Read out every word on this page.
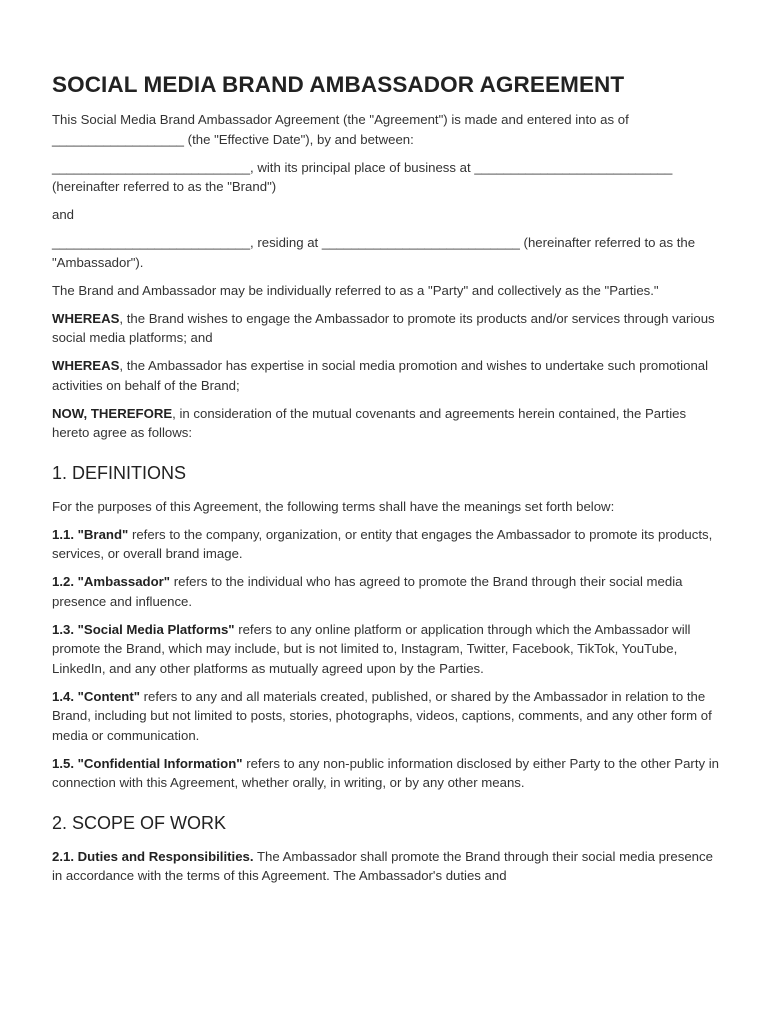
SOCIAL MEDIA BRAND AMBASSADOR AGREEMENT

This Social Media Brand Ambassador Agreement (the "Agreement") is made and entered into as of __________________ (the "Effective Date"), by and between:

___________________________, with its principal place of business at ___________________________ (hereinafter referred to as the "Brand")

and

___________________________, residing at ___________________________ (hereinafter referred to as the "Ambassador").

The Brand and Ambassador may be individually referred to as a "Party" and collectively as the "Parties."

WHEREAS, the Brand wishes to engage the Ambassador to promote its products and/or services through various social media platforms; and

WHEREAS, the Ambassador has expertise in social media promotion and wishes to undertake such promotional activities on behalf of the Brand;

NOW, THEREFORE, in consideration of the mutual covenants and agreements herein contained, the Parties hereto agree as follows:

1. DEFINITIONS

For the purposes of this Agreement, the following terms shall have the meanings set forth below:

1.1. "Brand" refers to the company, organization, or entity that engages the Ambassador to promote its products, services, or overall brand image.

1.2. "Ambassador" refers to the individual who has agreed to promote the Brand through their social media presence and influence.

1.3. "Social Media Platforms" refers to any online platform or application through which the Ambassador will promote the Brand, which may include, but is not limited to, Instagram, Twitter, Facebook, TikTok, YouTube, LinkedIn, and any other platforms as mutually agreed upon by the Parties.

1.4. "Content" refers to any and all materials created, published, or shared by the Ambassador in relation to the Brand, including but not limited to posts, stories, photographs, videos, captions, comments, and any other form of media or communication.

1.5. "Confidential Information" refers to any non-public information disclosed by either Party to the other Party in connection with this Agreement, whether orally, in writing, or by any other means.

2. SCOPE OF WORK

2.1. Duties and Responsibilities. The Ambassador shall promote the Brand through their social media presence in accordance with the terms of this Agreement. The Ambassador's duties and
